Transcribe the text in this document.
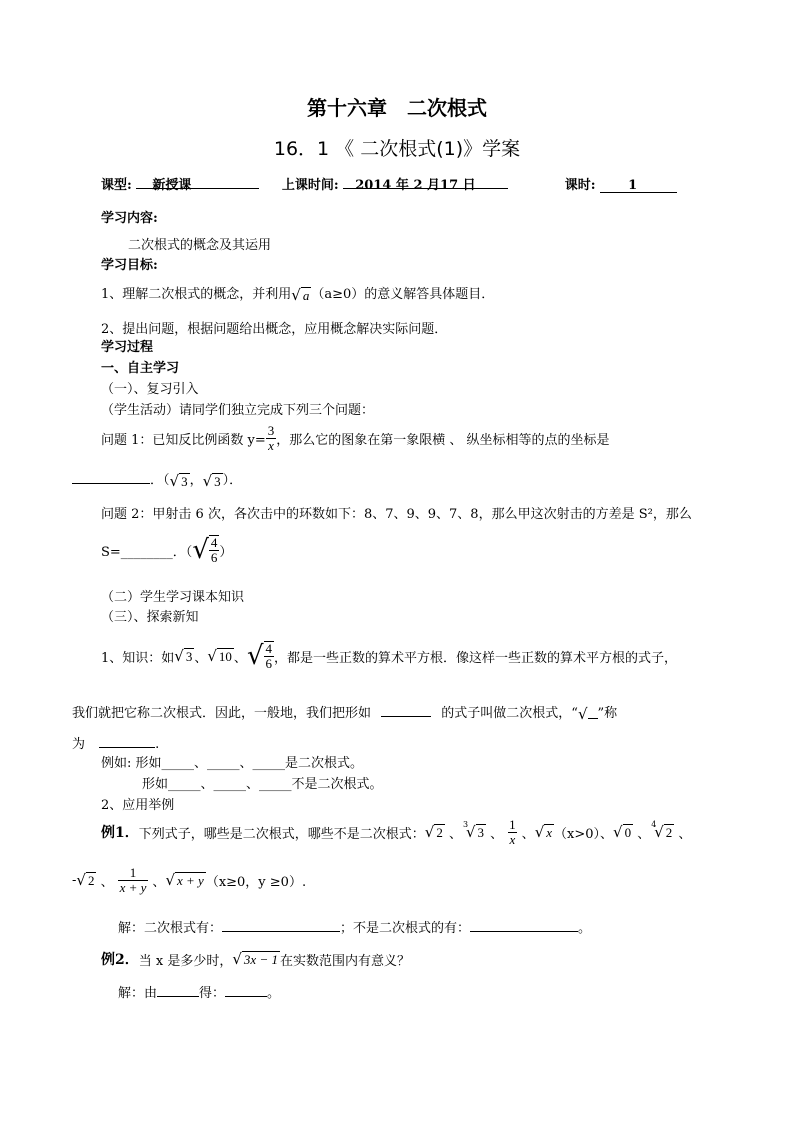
第十六章　二次根式
16．1 《 二次根式(1)》学案
课型: 新授课	上课时间: 2014 年 2 月17 日	课时:	1
学习内容:
二次根式的概念及其运用
学习目标:
1、理解二次根式的概念，并利用√ a （a≥0）的意义解答具体题目．
2、提出问题，根据问题给出概念，应用概念解决实际问题．
学习过程
一、自主学习
（一）、复习引入
（学生活动）请同学们独立完成下列三个问题：
问题 1：已知反比例函数 $y= \frac{3}{x}$ ，那么它的图象在第一象限横 、 纵坐标相等的点的坐标是
．（√ 3 ，√ 3 ）．
问题 2：甲射击 6 次，各次击中的环数如下：8、7、9、9、7、8，那么甲这次射击的方差是 S²，那么
S=________．（ √ $\frac{4}{6}$ ）
（二）学生学习课本知识
（三）、探索新知
1、知识：如 √ 3 、 √ 10 、 √ $\frac{4}{6}$ ，都是一些正数的算术平方根．像这样一些正数的算术平方根的式子，
我们就把它称二次根式．因此，一般地，我们把形如	的式子叫做二次根式，“√ ”称
为	.
例如: 形如_____、_____、_____是二次根式。
形如_____、_____、_____不是二次根式。
2、应用举例
例1． 下列式子，哪些是二次根式，哪些不是二次根式： √ 2 、
3
√ 3 、 $\frac{1}{x}$ 、 √ x （x>0）、 √ 0 、
4
√ 2 、
- √ 2 、 $\frac{1}{x + y}$ 、 √ x + y （x≥0，y ≥0）.
解：二次根式有：	；不是二次根式的有：	。
例2． 当 x 是多少时， √ 3x − 1 在实数范围内有意义？
解：由	得：	。
